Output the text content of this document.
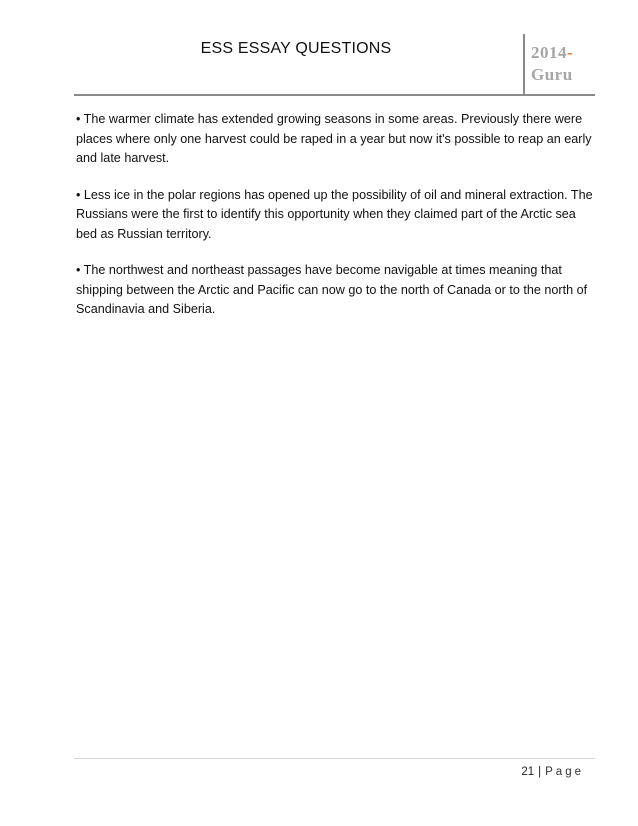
ESS ESSAY QUESTIONS	2014-
Guru

• The warmer climate has extended growing seasons in some areas. Previously there were places where only one harvest could be raped in a year but now it's possible to reap an early and late harvest.

• Less ice in the polar regions has opened up the possibility of oil and mineral extraction. The Russians were the first to identify this opportunity when they claimed part of the Arctic sea bed as Russian territory.

• The northwest and northeast passages have become navigable at times meaning that shipping between the Arctic and Pacific can now go to the north of Canada or to the north of Scandinavia and Siberia.

21 | Page
